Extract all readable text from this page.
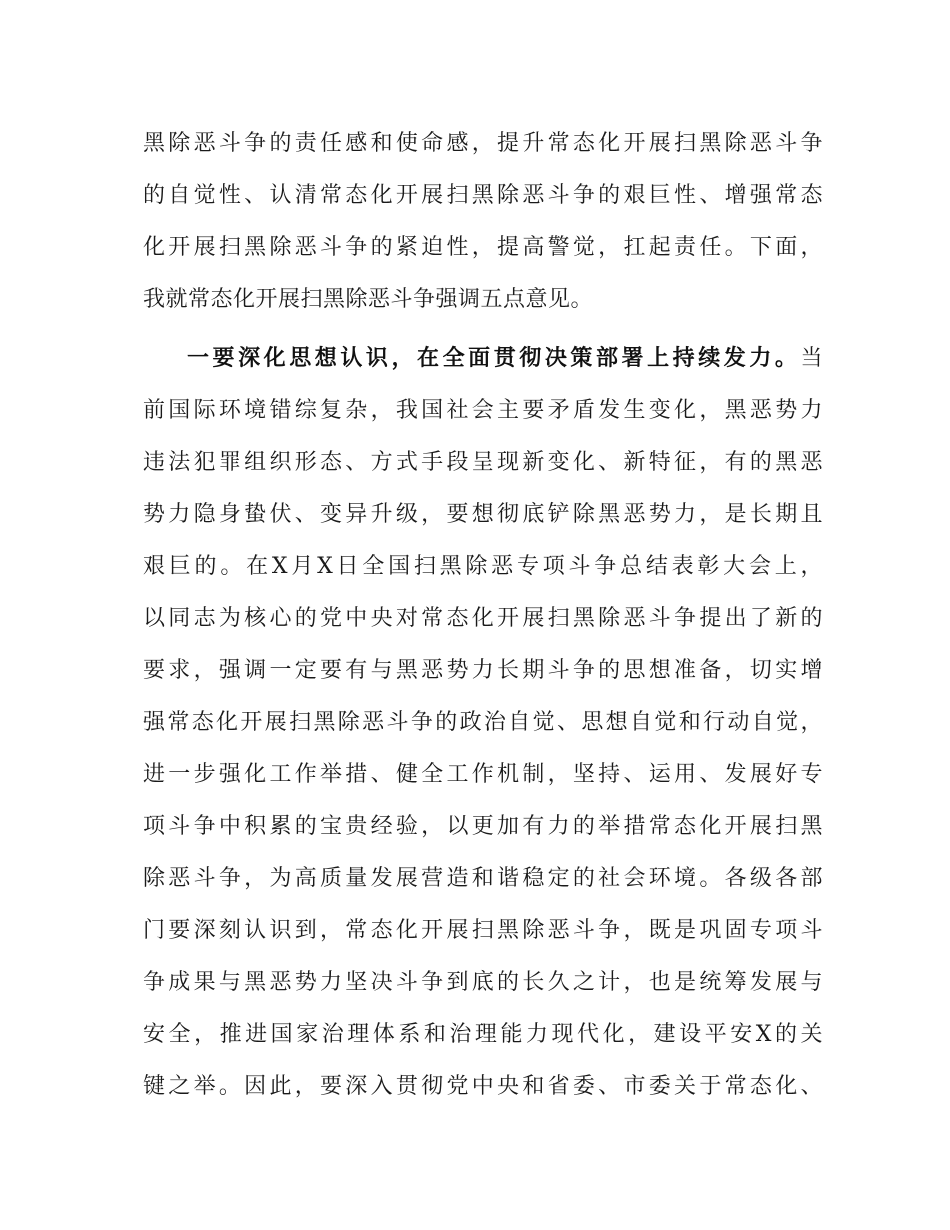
黑除恶斗争的责任感和使命感，提升常态化开展扫黑除恶斗争
的自觉性、认清常态化开展扫黑除恶斗争的艰巨性、增强常态
化开展扫黑除恶斗争的紧迫性，提高警觉，扛起责任。下面，
我就常态化开展扫黑除恶斗争强调五点意见。
一要深化思想认识，在全面贯彻决策部署上持续发力。当
前国际环境错综复杂，我国社会主要矛盾发生变化，黑恶势力
违法犯罪组织形态、方式手段呈现新变化、新特征，有的黑恶
势力隐身蛰伏、变异升级，要想彻底铲除黑恶势力，是长期且
艰巨的。在X月X日全国扫黑除恶专项斗争总结表彰大会上，
以同志为核心的党中央对常态化开展扫黑除恶斗争提出了新的
要求，强调一定要有与黑恶势力长期斗争的思想准备，切实增
强常态化开展扫黑除恶斗争的政治自觉、思想自觉和行动自觉，
进一步强化工作举措、健全工作机制，坚持、运用、发展好专
项斗争中积累的宝贵经验，以更加有力的举措常态化开展扫黑
除恶斗争，为高质量发展营造和谐稳定的社会环境。各级各部
门要深刻认识到，常态化开展扫黑除恶斗争，既是巩固专项斗
争成果与黑恶势力坚决斗争到底的长久之计，也是统筹发展与
安全，推进国家治理体系和治理能力现代化，建设平安X的关
键之举。因此，要深入贯彻党中央和省委、市委关于常态化、
